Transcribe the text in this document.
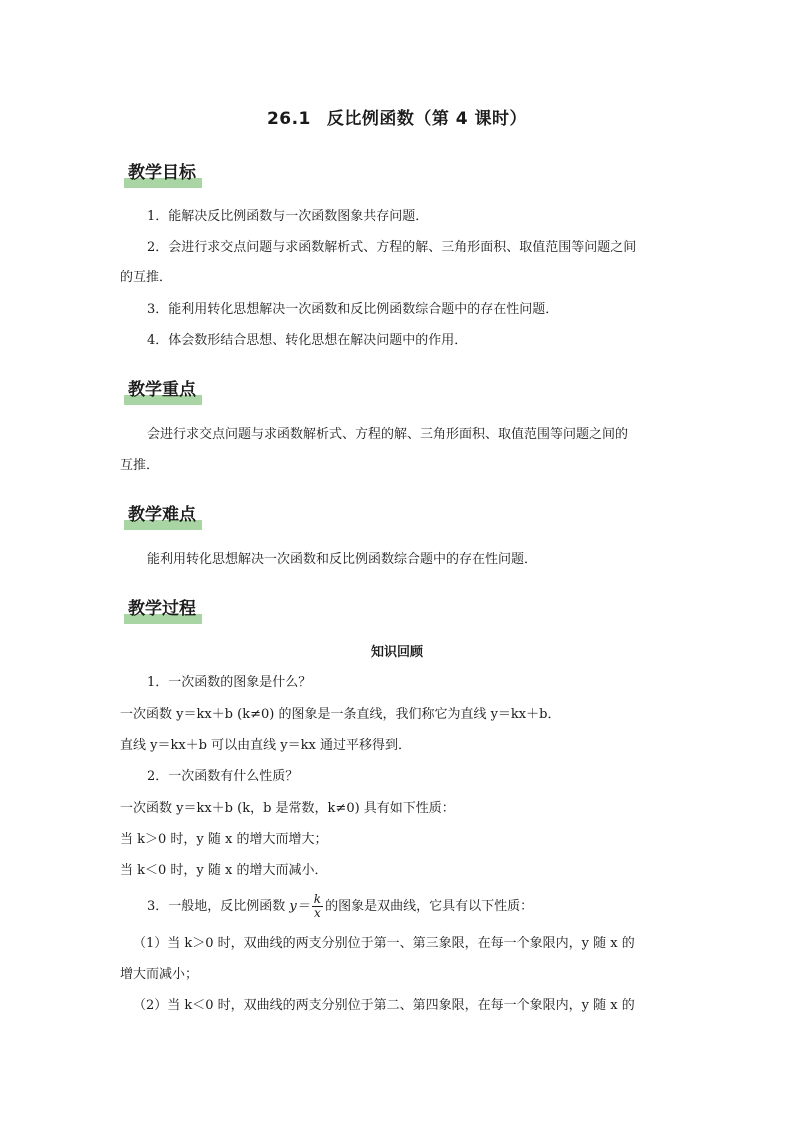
26.1 反比例函数（第 4 课时）
教学目标
1．能解决反比例函数与一次函数图象共存问题．
2．会进行求交点问题与求函数解析式、方程的解、三角形面积、取值范围等问题之间
的互推．
3．能利用转化思想解决一次函数和反比例函数综合题中的存在性问题．
4．体会数形结合思想、转化思想在解决问题中的作用．
教学重点
会进行求交点问题与求函数解析式、方程的解、三角形面积、取值范围等问题之间的
互推．
教学难点
能利用转化思想解决一次函数和反比例函数综合题中的存在性问题．
教学过程
知识回顾
1．一次函数的图象是什么？
一次函数 y＝kx＋b (k≠0) 的图象是一条直线，我们称它为直线 y＝kx＋b．
直线 y＝kx＋b 可以由直线 y＝kx 通过平移得到．
2．一次函数有什么性质？
一次函数 y＝kx＋b (k，b 是常数，k≠0) 具有如下性质：
当 k＞0 时，y 随 x 的增大而增大；
当 k＜0 时，y 随 x 的增大而减小．
3．一般地，反比例函数 $y= \frac{k}{x}$ 的图象是双曲线，它具有以下性质：
（1）当 k＞0 时，双曲线的两支分别位于第一、第三象限，在每一个象限内，y 随 x 的
增大而减小；
（2）当 k＜0 时，双曲线的两支分别位于第二、第四象限，在每一个象限内，y 随 x 的
